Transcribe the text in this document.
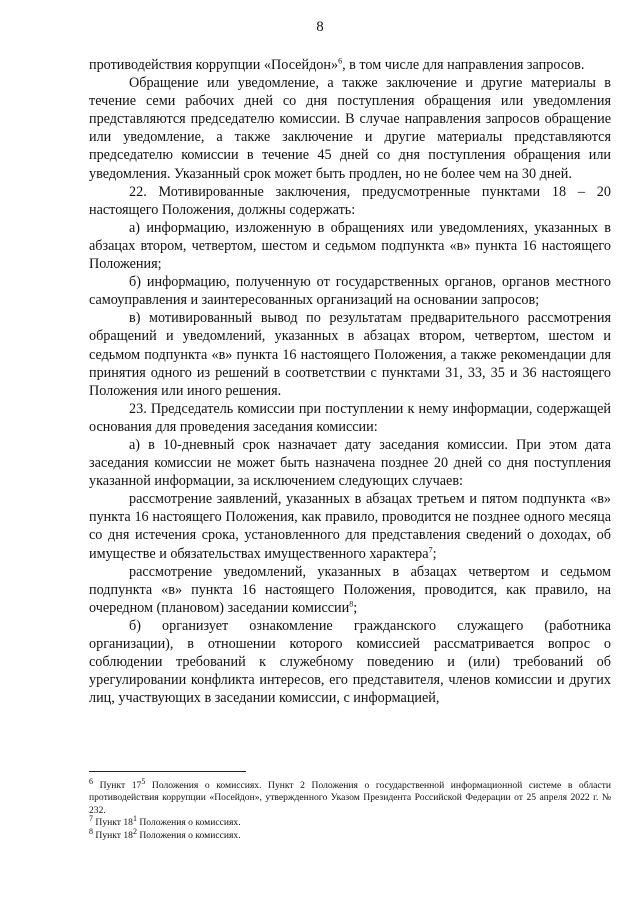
8

противодействия коррупции «Посейдон»$^6$, в том числе для направления запросов.

Обращение или уведомление, а также заключение и другие материалы в течение семи рабочих дней со дня поступления обращения или уведомления представляются председателю комиссии. В случае направления запросов обращение или уведомление, а также заключение и другие материалы представляются председателю комиссии в течение 45 дней со дня поступления обращения или уведомления. Указанный срок может быть продлен, но не более чем на 30 дней.

22. Мотивированные заключения, предусмотренные пунктами 18 – 20 настоящего Положения, должны содержать:

а) информацию, изложенную в обращениях или уведомлениях, указанных в абзацах втором, четвертом, шестом и седьмом подпункта «в» пункта 16 настоящего Положения;

б) информацию, полученную от государственных органов, органов местного самоуправления и заинтересованных организаций на основании запросов;

в) мотивированный вывод по результатам предварительного рассмотрения обращений и уведомлений, указанных в абзацах втором, четвертом, шестом и седьмом подпункта «в» пункта 16 настоящего Положения, а также рекомендации для принятия одного из решений в соответствии с пунктами 31, 33, 35 и 36 настоящего Положения или иного решения.

23. Председатель комиссии при поступлении к нему информации, содержащей основания для проведения заседания комиссии:

а) в 10-дневный срок назначает дату заседания комиссии. При этом дата заседания комиссии не может быть назначена позднее 20 дней со дня поступления указанной информации, за исключением следующих случаев:

рассмотрение заявлений, указанных в абзацах третьем и пятом подпункта «в» пункта 16 настоящего Положения, как правило, проводится не позднее одного месяца со дня истечения срока, установленного для представления сведений о доходах, об имуществе и обязательствах имущественного характера$^7$;

рассмотрение уведомлений, указанных в абзацах четвертом и седьмом подпункта «в» пункта 16 настоящего Положения, проводится, как правило, на очередном (плановом) заседании комиссии$^8$;

б) организует ознакомление гражданского служащего (работника организации), в отношении которого комиссией рассматривается вопрос о соблюдении требований к служебному поведению и (или) требований об урегулировании конфликта интересов, его представителя, членов комиссии и других лиц, участвующих в заседании комиссии, с информацией,

$^6$ Пункт $17^5$ Положения о комиссиях. Пункт 2 Положения о государственной информационной системе в области противодействия коррупции «Посейдон», утвержденного Указом Президента Российской Федерации от 25 апреля 2022 г. № 232.

$^7$ Пункт $18^1$ Положения о комиссиях.

$^8$ Пункт $18^2$ Положения о комиссиях.
